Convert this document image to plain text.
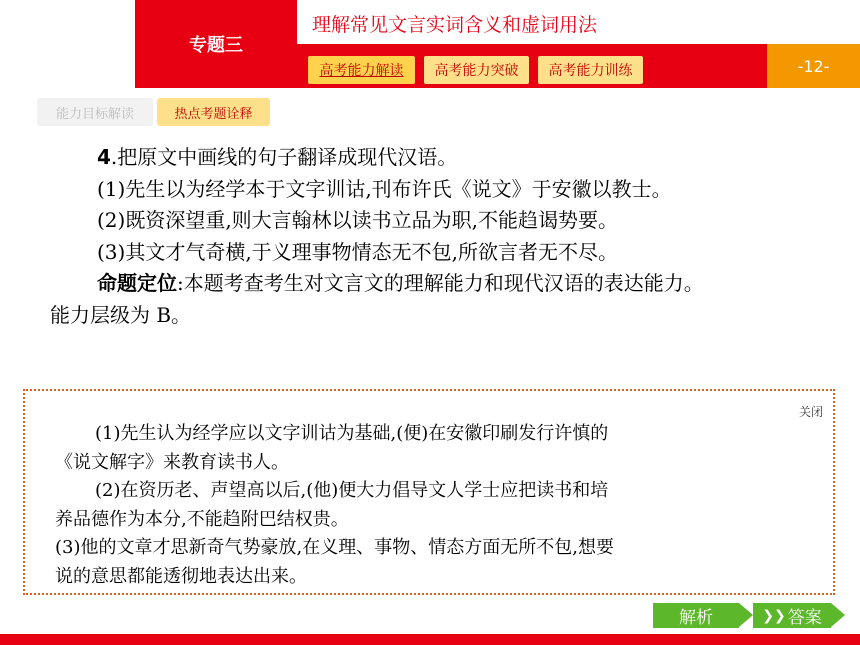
专题三
理解常见文言实词含义和虚词用法
高考能力解读	高考能力突破	高考能力训练	-12-
能力目标解读	热点考题诠释

4.把原文中画线的句子翻译成现代汉语。

(1)先生以为经学本于文字训诂,刊布许氏《说文》于安徽以教士。

(2)既资深望重,则大言翰林以读书立品为职,不能趋谒势要。

(3)其文才气奇横,于义理事物情态无不包,所欲言者无不尽。

命题定位:本题考查考生对文言文的理解能力和现代汉语的表达能力。

能力层级为 B。

关闭

(1)先生认为经学应以文字训诂为基础,(便)在安徽印刷发行许慎的

《说文解字》来教育读书人。

(2)在资历老、声望高以后,(他)便大力倡导文人学士应把读书和培

养品德作为本分,不能趋附巴结权贵。

(3)他的文章才思新奇气势豪放,在义理、事物、情态方面无所不包,想要

说的意思都能透彻地表达出来。

解析	❯❯ 答案
